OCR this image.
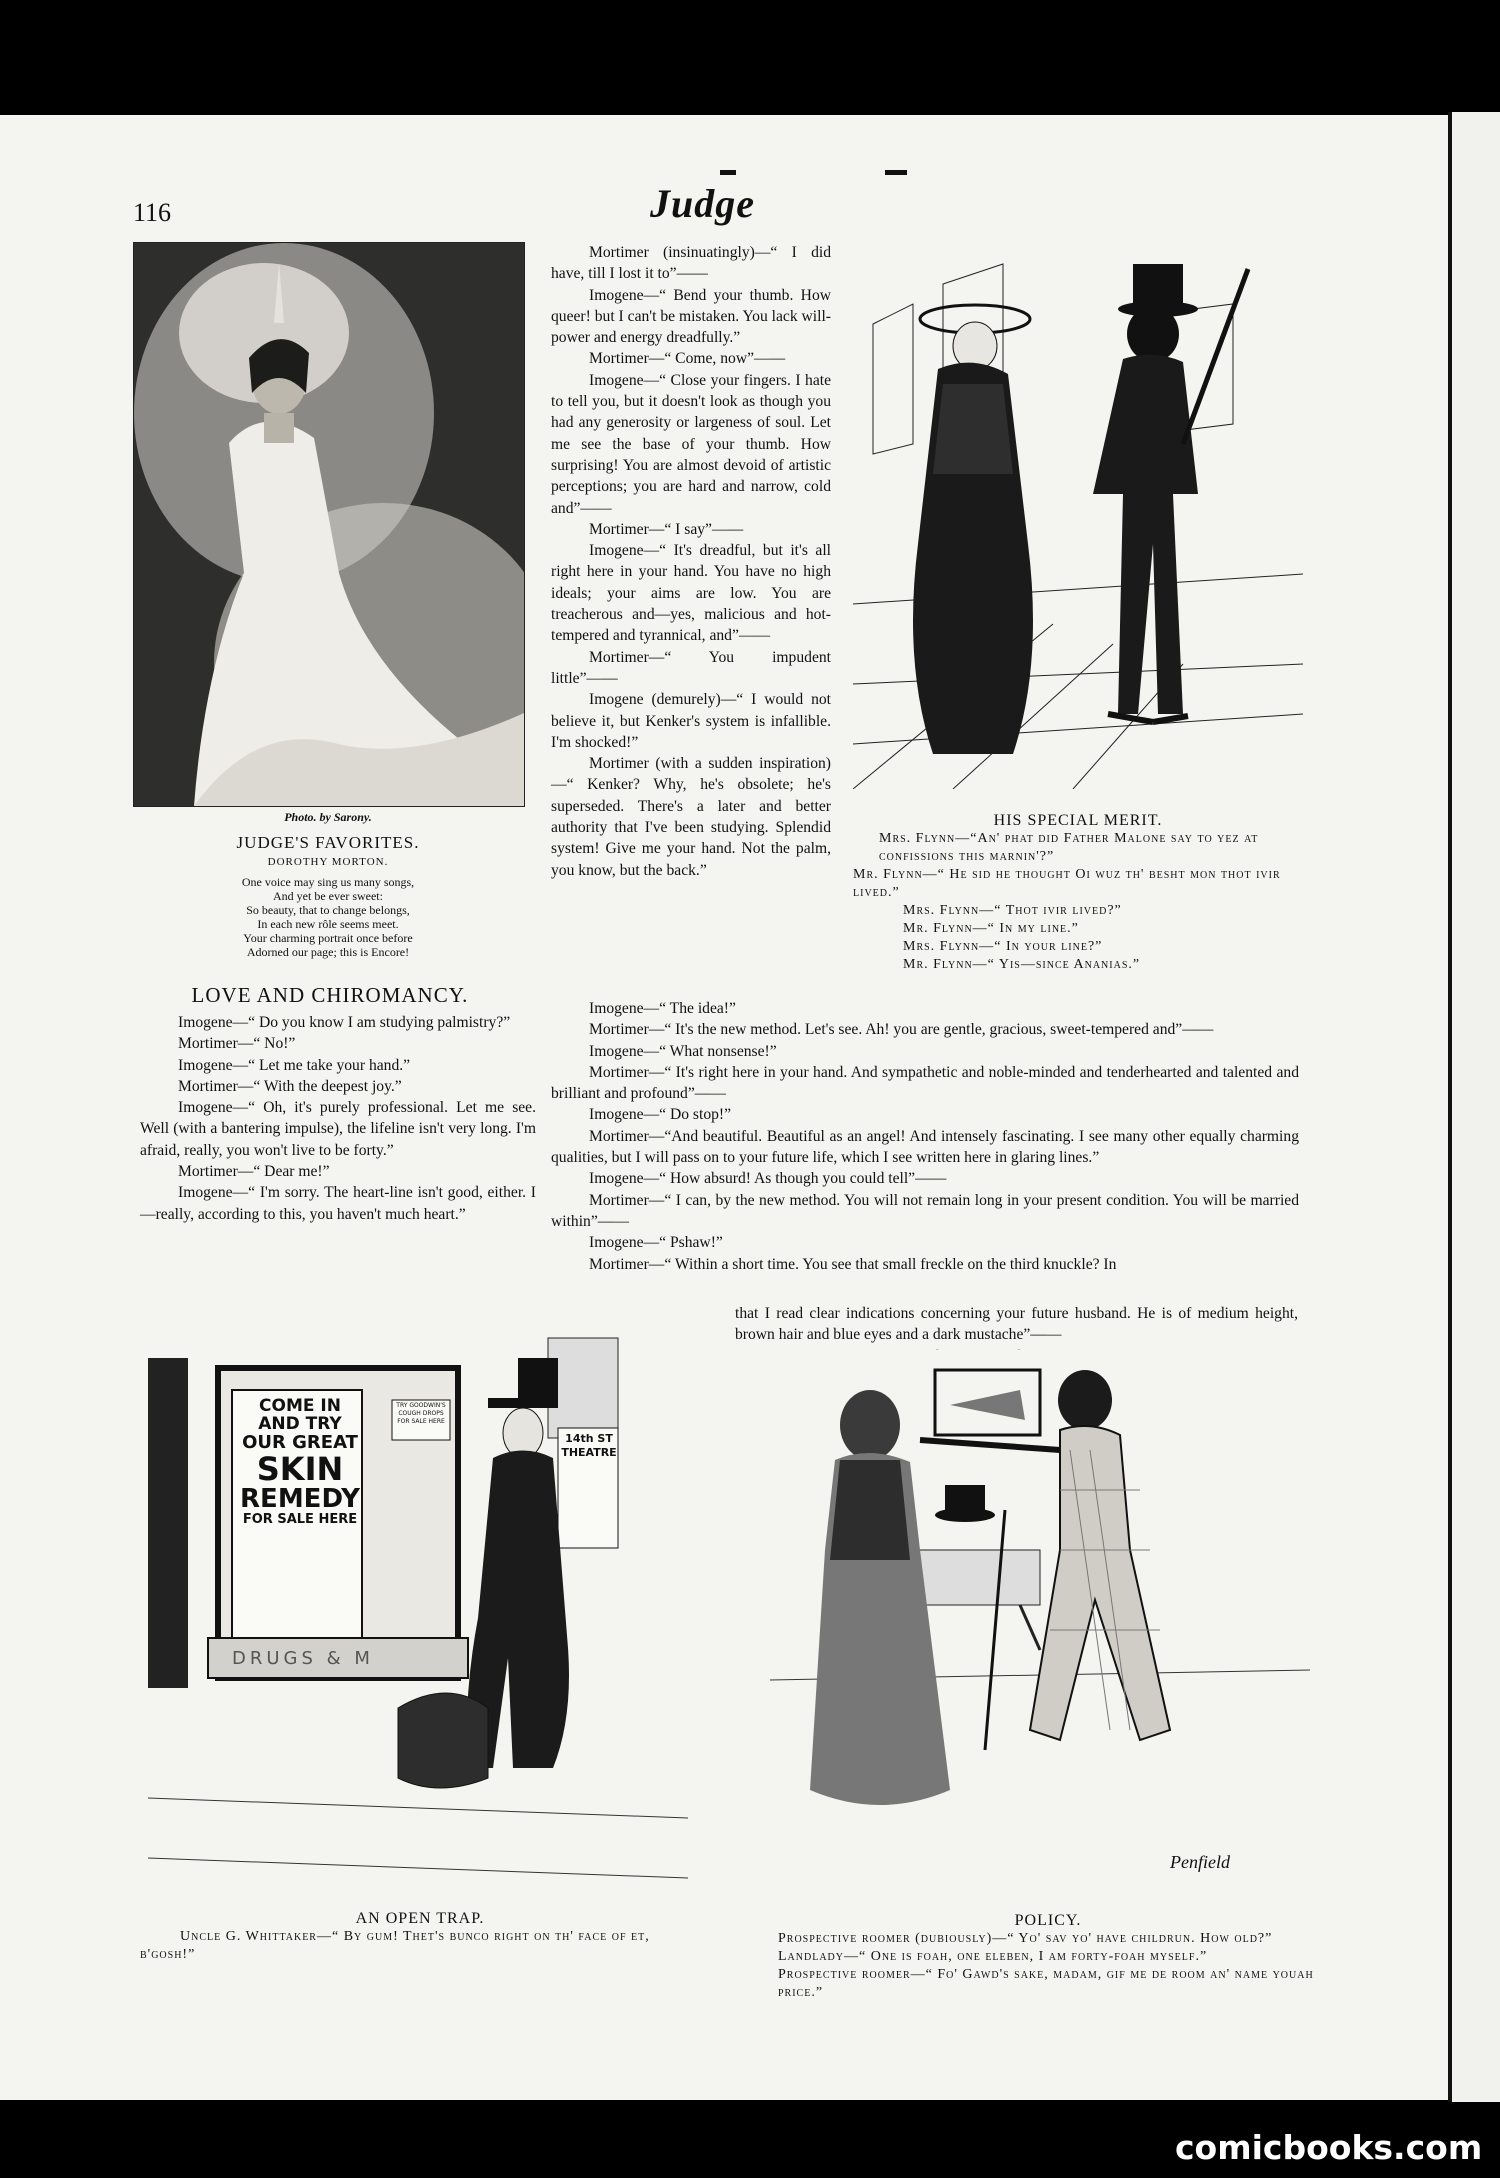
116	Judge
Photo. by Sarony.
JUDGE'S FAVORITES.
DOROTHY MORTON.
One voice may sing us many songs,
And yet be ever sweet:
So beauty, that to change belongs,
In each new rôle seems meet.
Your charming portrait once before
Adorned our page; this is Encore!
LOVE AND CHIROMANCY.

Imogene—“ Do you know I am studying palmistry?”

Mortimer—“ No!”

Imogene—“ Let me take your hand.”

Mortimer—“ With the deepest joy.”

Imogene—“ Oh, it's purely professional. Let me see. Well (with a bantering impulse), the lifeline isn't very long. I'm afraid, really, you won't live to be forty.”

Mortimer—“ Dear me!”

Imogene—“ I'm sorry. The heart-line isn't good, either. I—really, according to this, you haven't much heart.”

Mortimer (insinuatingly)—“ I did have, till I lost it to”——

Imogene—“ Bend your thumb. How queer! but I can't be mistaken. You lack will-power and energy dreadfully.”

Mortimer—“ Come, now”——

Imogene—“ Close your fingers. I hate to tell you, but it doesn't look as though you had any generosity or largeness of soul. Let me see the base of your thumb. How surprising! You are almost devoid of artistic perceptions; you are hard and narrow, cold and”——

Mortimer—“ I say”——

Imogene—“ It's dreadful, but it's all right here in your hand. You have no high ideals; your aims are low. You are treacherous and—yes, malicious and hot-tempered and tyrannical, and”——

Mortimer—“ You impudent little”——

Imogene (demurely)—“ I would not believe it, but Kenker's system is infallible. I'm shocked!”

Mortimer (with a sudden inspiration)—“ Kenker? Why, he's obsolete; he's superseded. There's a later and better authority that I've been studying. Splendid system! Give me your hand. Not the palm, you know, but the back.”

Imogene—“ The idea!”

Mortimer—“ It's the new method. Let's see. Ah! you are gentle, gracious, sweet-tempered and”——

Imogene—“ What nonsense!”

Mortimer—“ It's right here in your hand. And sympathetic and noble-minded and tenderhearted and talented and brilliant and profound”——

Imogene—“ Do stop!”

Mortimer—“And beautiful. Beautiful as an angel! And intensely fascinating. I see many other equally charming qualities, but I will pass on to your future life, which I see written here in glaring lines.”

Imogene—“ How absurd! As though you could tell”——

Mortimer—“ I can, by the new method. You will not remain long in your present condition. You will be married within”——

Imogene—“ Pshaw!”

Mortimer—“ Within a short time. You see that small freckle on the third knuckle? In

that I read clear indications concerning your future husband. He is of medium height, brown hair and blue eyes and a dark mustache”——

HIS SPECIAL MERIT.
Mrs. Flynn—“An' phat did Father Malone say to yez at confissions this marnin'?”
Mr. Flynn—“ He sid he thought Oi wuz th' besht mon thot ivir lived.”
Mrs. Flynn—“ Thot ivir lived?”
Mr. Flynn—“ In my line.”
Mrs. Flynn—“ In your line?”
Mr. Flynn—“ Yis—since Ananias.”
COME IN
AND TRY
OUR GREAT
SKIN
REMEDY
FOR SALE HERE
TRY GOODWIN'S
COUGH DROPS
FOR SALE HERE
14th ST
THEATRE
DRUGS & M
AN OPEN TRAP.
Uncle G. Whittaker—“ By gum! Thet's bunco right on th' face of et, b'gosh!”
Penfield
POLICY.
Prospective roomer (dubiously)—“ Yo' sav yo' have childrun. How old?”
Landlady—“ One is foah, one eleben, I am forty-foah myself.”
Prospective roomer—“ Fo' Gawd's sake, madam, gif me de room an' name youah price.”
comicbooks.com
